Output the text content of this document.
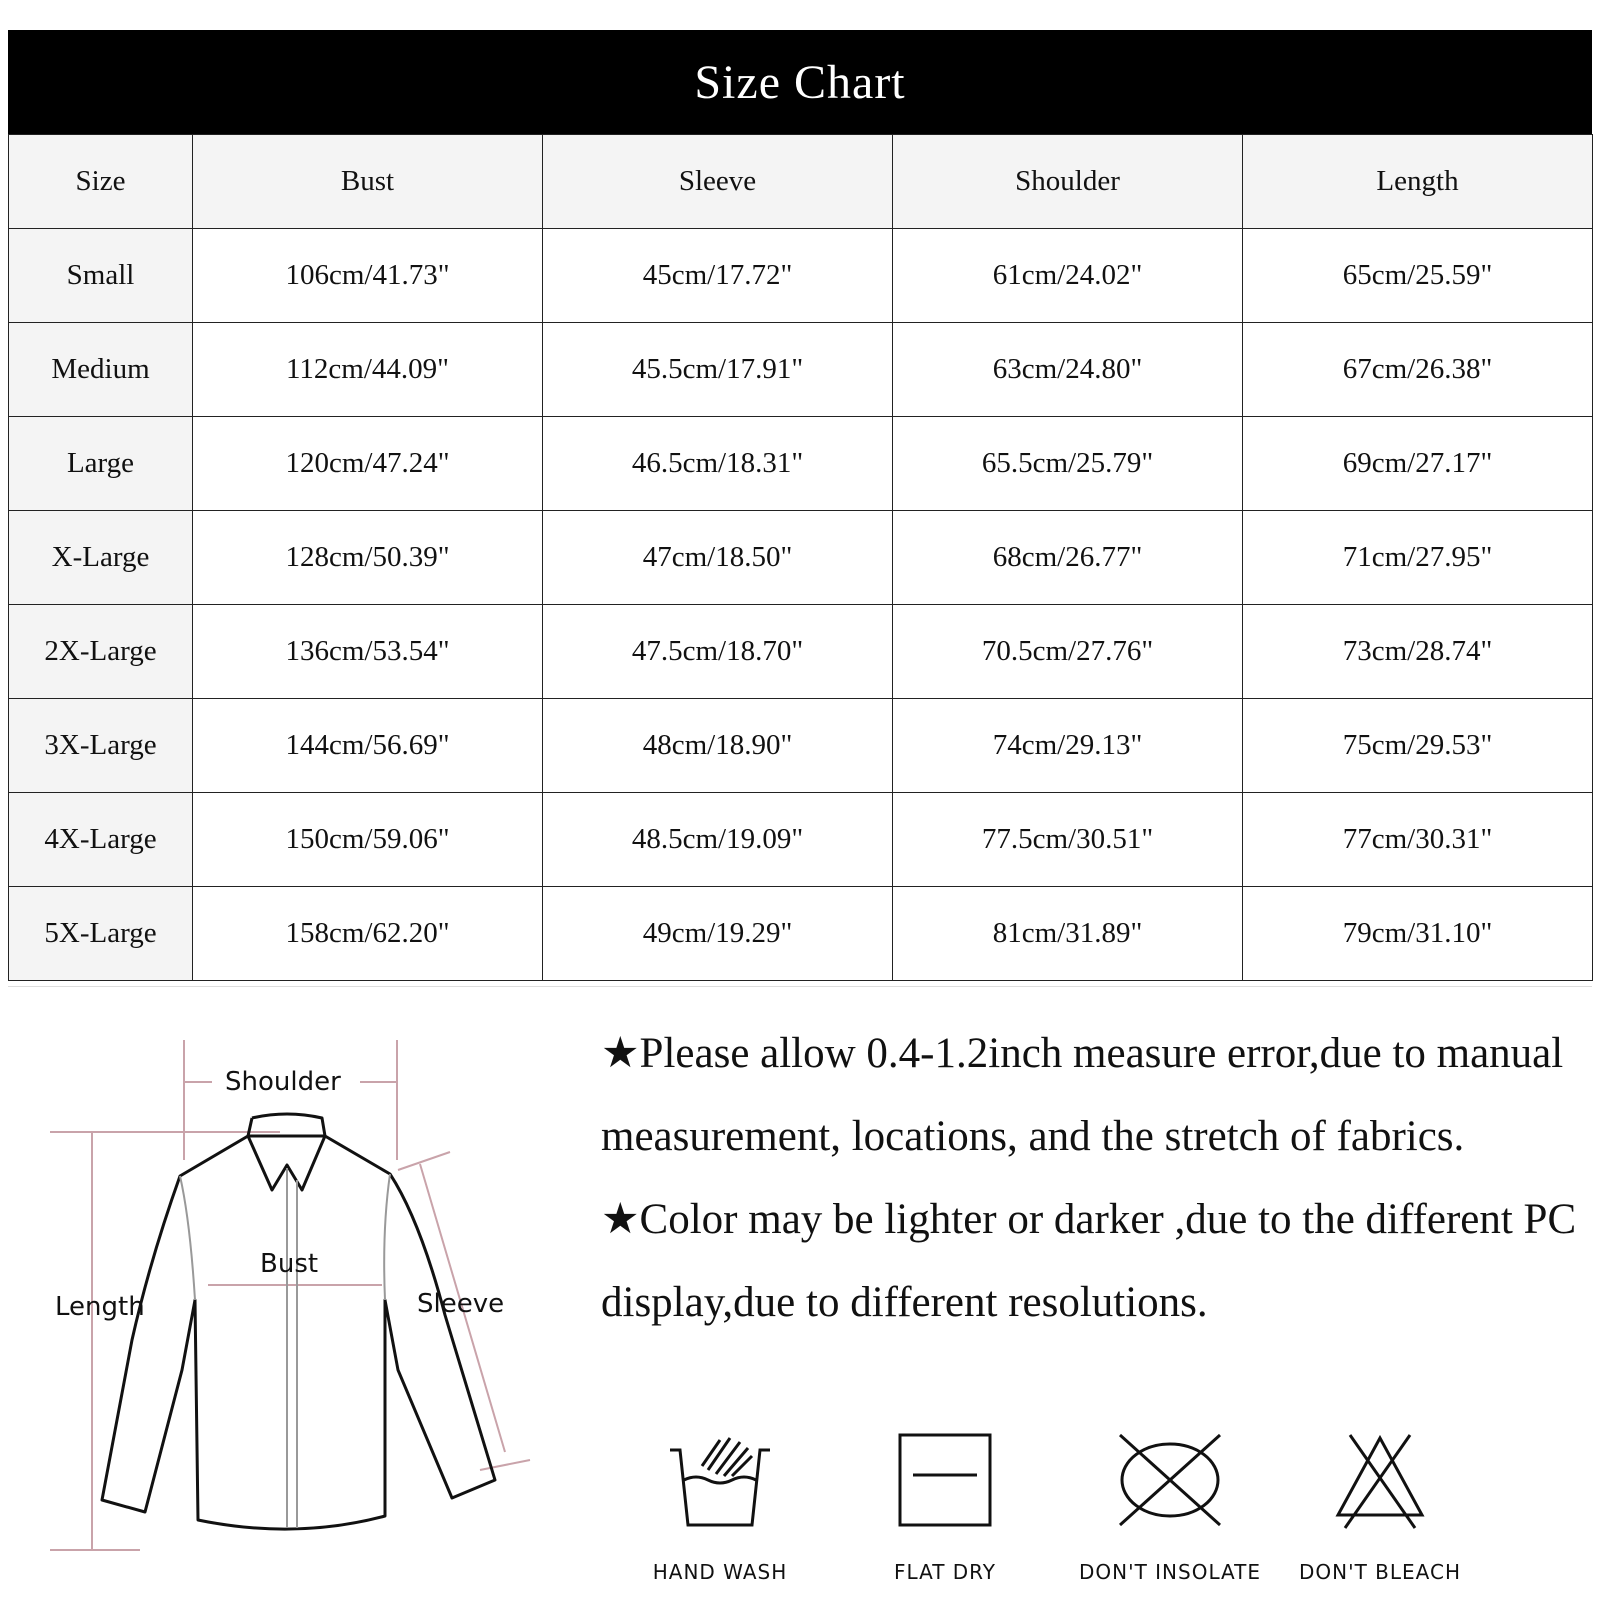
Size Chart
Size	Bust	Sleeve	Shoulder	Length
Small	106cm/41.73"	45cm/17.72"	61cm/24.02"	65cm/25.59"
Medium	112cm/44.09"	45.5cm/17.91"	63cm/24.80"	67cm/26.38"
Large	120cm/47.24"	46.5cm/18.31"	65.5cm/25.79"	69cm/27.17"
X-Large	128cm/50.39"	47cm/18.50"	68cm/26.77"	71cm/27.95"
2X-Large	136cm/53.54"	47.5cm/18.70"	70.5cm/27.76"	73cm/28.74"
3X-Large	144cm/56.69"	48cm/18.90"	74cm/29.13"	75cm/29.53"
4X-Large	150cm/59.06"	48.5cm/19.09"	77.5cm/30.51"	77cm/30.31"
5X-Large	158cm/62.20"	49cm/19.29"	81cm/31.89"	79cm/31.10"
Shoulder
Bust
Length	Sleeve

★Please allow 0.4-1.2inch measure error,due to manual measurement, locations, and the stretch of fabrics.

★Color may be lighter or darker ,due to the different PC display,due to different resolutions.

HAND WASH	FLAT DRY	DON'T INSOLATE	DON'T BLEACH
